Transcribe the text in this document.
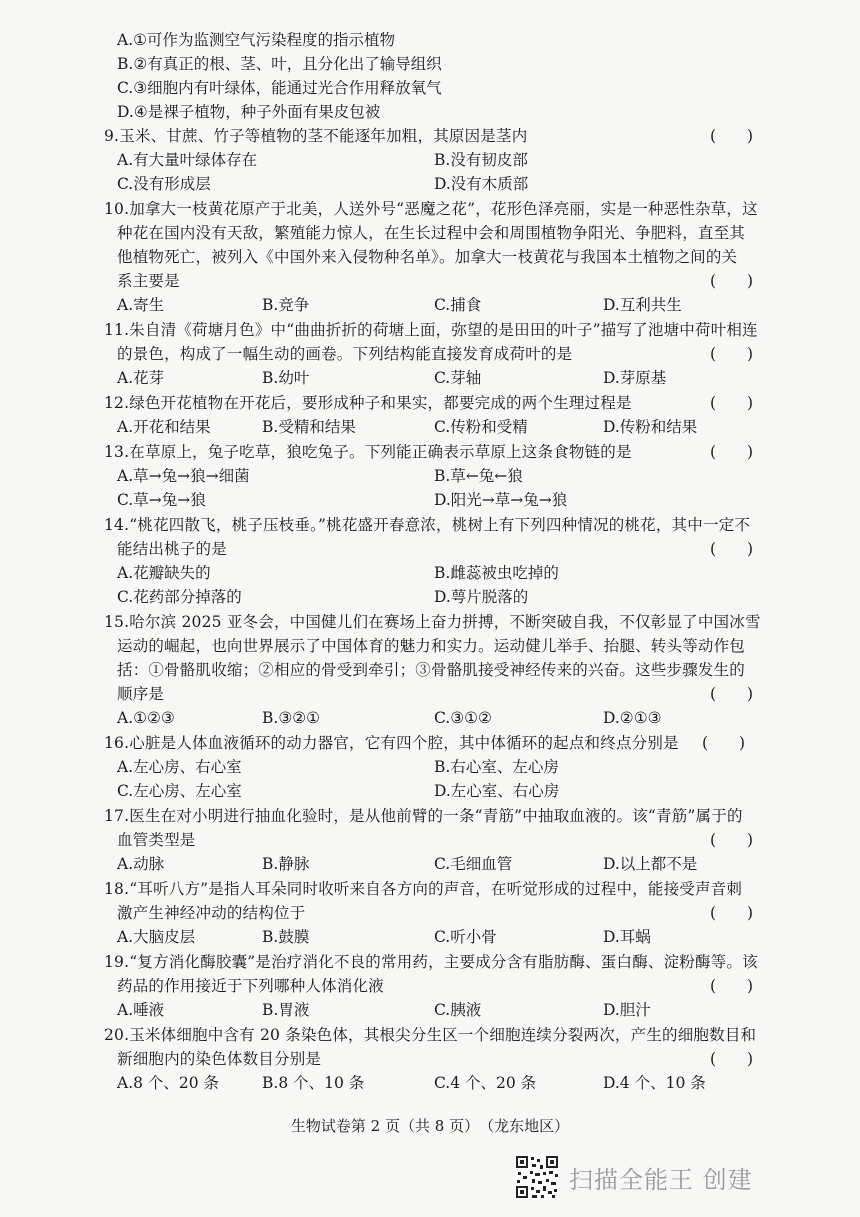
A.①可作为监测空气污染程度的指示植物
B.②有真正的根、茎、叶，且分化出了输导组织
C.③细胞内有叶绿体，能通过光合作用释放氧气
D.④是裸子植物，种子外面有果皮包被
9.玉米、甘蔗、竹子等植物的茎不能逐年加粗，其原因是茎内	(　　)
A.有大量叶绿体存在	B.没有韧皮部
C.没有形成层	D.没有木质部
10.加拿大一枝黄花原产于北美，人送外号“恶魔之花”，花形色泽亮丽，实是一种恶性杂草，这
种花在国内没有天敌，繁殖能力惊人，在生长过程中会和周围植物争阳光、争肥料，直至其
他植物死亡，被列入《中国外来入侵物种名单》。加拿大一枝黄花与我国本土植物之间的关
系主要是	(　　)
A.寄生	B.竞争	C.捕食	D.互利共生
11.朱自清《荷塘月色》中“曲曲折折的荷塘上面，弥望的是田田的叶子”描写了池塘中荷叶相连
的景色，构成了一幅生动的画卷。下列结构能直接发育成荷叶的是	(　　)
A.花芽	B.幼叶	C.芽轴	D.芽原基
12.绿色开花植物在开花后，要形成种子和果实，都要完成的两个生理过程是	(　　)
A.开花和结果	B.受精和结果	C.传粉和受精	D.传粉和结果
13.在草原上，兔子吃草，狼吃兔子。下列能正确表示草原上这条食物链的是	(　　)
A.草→兔→狼→细菌	B.草←兔←狼
C.草→兔→狼	D.阳光→草→兔→狼
14.“桃花四散飞，桃子压枝垂。”桃花盛开春意浓，桃树上有下列四种情况的桃花，其中一定不
能结出桃子的是	(　　)
A.花瓣缺失的	B.雌蕊被虫吃掉的
C.花药部分掉落的	D.萼片脱落的
15.哈尔滨 2025 亚冬会，中国健儿们在赛场上奋力拼搏，不断突破自我，不仅彰显了中国冰雪
运动的崛起，也向世界展示了中国体育的魅力和实力。运动健儿举手、抬腿、转头等动作包
括：①骨骼肌收缩；②相应的骨受到牵引；③骨骼肌接受神经传来的兴奋。这些步骤发生的
顺序是	(　　)
A.①②③	B.③②①	C.③①②	D.②①③
16.心脏是人体血液循环的动力器官，它有四个腔，其中体循环的起点和终点分别是 (　　)
A.左心房、右心室	B.右心室、左心房
C.左心房、左心室	D.左心室、右心房
17.医生在对小明进行抽血化验时，是从他前臂的一条“青筋”中抽取血液的。该“青筋”属于的
血管类型是	(　　)
A.动脉	B.静脉	C.毛细血管	D.以上都不是
18.“耳听八方”是指人耳朵同时收听来自各方向的声音，在听觉形成的过程中，能接受声音刺
激产生神经冲动的结构位于	(　　)
A.大脑皮层	B.鼓膜	C.听小骨	D.耳蜗
19.“复方消化酶胶囊”是治疗消化不良的常用药，主要成分含有脂肪酶、蛋白酶、淀粉酶等。该
药品的作用接近于下列哪种人体消化液	(　　)
A.唾液	B.胃液	C.胰液	D.胆汁
20.玉米体细胞中含有 20 条染色体，其根尖分生区一个细胞连续分裂两次，产生的细胞数目和
新细胞内的染色体数目分别是	(　　)
A.8 个、20 条	B.8 个、10 条	C.4 个、20 条	D.4 个、10 条
生物试卷第 2 页（共 8 页）　（龙东地区）
扫描全能王 创建
